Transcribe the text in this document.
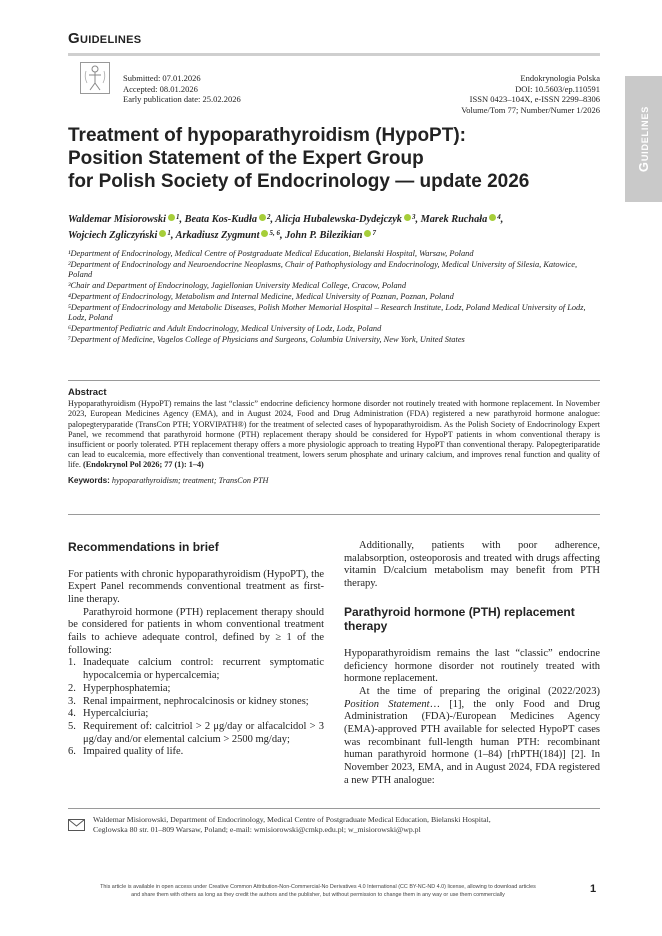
Guidelines
Guidelines
Submitted: 07.01.2026
Accepted: 08.01.2026
Early publication date: 25.02.2026
Endokrynologia Polska
DOI: 10.5603/ep.110591
ISSN 0423–104X, e-ISSN 2299–8306
Volume/Tom 77; Number/Numer 1/2026
Treatment of hypoparathyroidism (HypoPT):
Position Statement of the Expert Group
for Polish Society of Endocrinology — update 2026
Waldemar Misiorowski $^1$, Beata Kos-Kudła $^2$, Alicja Hubalewska-Dydejczyk $^3$, Marek Ruchała $^4$,
Wojciech Zgliczyński $^1$, Arkadiusz Zygmunt $^{5, 6}$, John P. Bilezikian $^7$
¹Department of Endocrinology, Medical Centre of Postgraduate Medical Education, Bielanski Hospital, Warsaw, Poland
²Department of Endocrinology and Neuroendocrine Neoplasms, Chair of Pathophysiology and Endocrinology, Medical University of Silesia, Katowice, Poland
³Chair and Department of Endocrinology, Jagiellonian University Medical College, Cracow, Poland
⁴Department of Endocrinology, Metabolism and Internal Medicine, Medical University of Poznan, Poznan, Poland
⁵Department of Endocrinology and Metabolic Diseases, Polish Mother Memorial Hospital – Research Institute, Lodz, Poland Medical University of Lodz, Lodz, Poland
⁶Departmentof Pediatric and Adult Endocrinology, Medical University of Lodz, Lodz, Poland
⁷Department of Medicine, Vagelos College of Physicians and Surgeons, Columbia University, New York, United States
Abstract
Hypoparathyroidism (HypoPT) remains the last “classic” endocrine deficiency hormone disorder not routinely treated with hormone replacement. In November 2023, European Medicines Agency (EMA), and in August 2024, Food and Drug Administration (FDA) registered a new parathyroid hormone analogue: palopegteryparatide (TransCon PTH; YORVIPATH®) for the treatment of selected cases of hypoparathyroidism. As the Polish Society of Endocrinology Expert Panel, we recommend that parathyroid hormone (PTH) replacement therapy should be considered for HypoPT patients in whom conventional therapy is insufficient or poorly tolerated. PTH replacement therapy offers a more physiologic approach to treating HypoPT than conventional therapy. Palopegteriparatide can lead to eucalcemia, more effectively than conventional treatment, lowers serum phosphate and urinary calcium, and improves renal function and quality of life. (Endokrynol Pol 2026; 77 (1): 1–4)
Keywords: hypoparathyroidism; treatment; TransCon PTH
Recommendations in brief

For patients with chronic hypoparathyroidism (HypoPT), the Expert Panel recommends conventional treatment as first-line therapy.

Parathyroid hormone (PTH) replacement therapy should be considered for patients in whom conventional treatment fails to achieve adequate control, defined by ≥ 1 of the following:

1. Inadequate calcium control: recurrent symptomatic hypocalcemia or hypercalcemia;
2. Hyperphosphatemia;
3. Renal impairment, nephrocalcinosis or kidney stones;
4. Hypercalciuria;
5. Requirement of: calcitriol > 2 μg/day or alfacalcidol > 3 μg/day and/or elemental calcium > 2500 mg/day;
6. Impaired quality of life.

Additionally, patients with poor adherence, malabsorption, osteoporosis and treated with drugs affecting vitamin D/calcium metabolism may benefit from PTH therapy.

Parathyroid hormone (PTH) replacement therapy

Hypoparathyroidism remains the last “classic” endocrine deficiency hormone disorder not routinely treated with hormone replacement.

At the time of preparing the original (2022/2023) Position Statement… [1], the only Food and Drug Administration (FDA)-/European Medicines Agency (EMA)-approved PTH available for selected HypoPT cases was recombinant full-length human PTH: recombinant human parathyroid hormone (1–84) [rhPTH(184)] [2]. In November 2023, EMA, and in August 2024, FDA registered a new PTH analogue:

Waldemar Misiorowski, Department of Endocrinology, Medical Centre of Postgraduate Medical Education, Bielanski Hospital,
Ceglowska 80 str. 01–809 Warsaw, Poland; e-mail: wmisiorowski@cmkp.edu.pl; w_misiorowski@wp.pl
This article is available in open access under Creative Common Attribution-Non-Commercial-No Derivatives 4.0 International (CC BY-NC-ND 4.0) license, allowing to download articles
and share them with others as long as they credit the authors and the publisher, but without permission to change them in any way or use them commercially	1
